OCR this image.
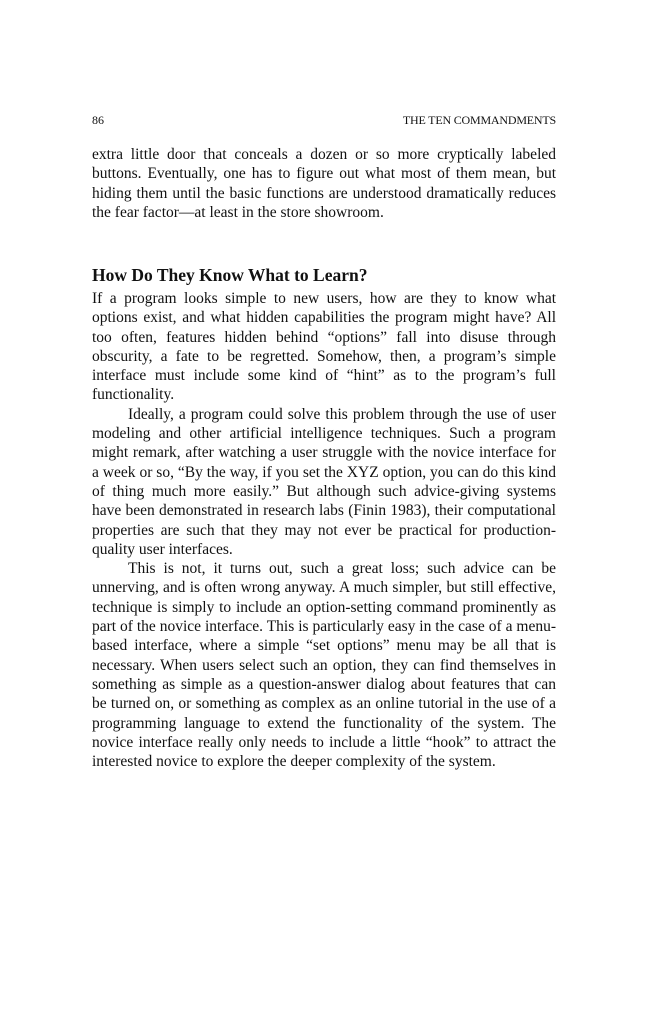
86	THE TEN COMMANDMENTS

extra little door that conceals a dozen or so more cryptically labeled buttons. Eventually, one has to figure out what most of them mean, but hiding them until the basic functions are understood dramatically reduces the fear factor—at least in the store showroom.

How Do They Know What to Learn?

If a program looks simple to new users, how are they to know what options exist, and what hidden capabilities the program might have? All too often, features hidden behind “options” fall into disuse through obscurity, a fate to be regretted. Somehow, then, a program’s simple interface must include some kind of “hint” as to the program’s full functionality.

Ideally, a program could solve this problem through the use of user modeling and other artificial intelligence techniques. Such a program might remark, after watching a user struggle with the novice interface for a week or so, “By the way, if you set the XYZ option, you can do this kind of thing much more easily.” But although such advice-giving systems have been demonstrated in research labs (Finin 1983), their computational properties are such that they may not ever be practical for production-quality user interfaces.

This is not, it turns out, such a great loss; such advice can be unnerving, and is often wrong anyway. A much simpler, but still effective, technique is simply to include an option-setting command prominently as part of the novice interface. This is particularly easy in the case of a menu-based interface, where a simple “set options” menu may be all that is necessary. When users select such an option, they can find themselves in something as simple as a question-answer dialog about features that can be turned on, or something as complex as an online tutorial in the use of a programming language to extend the functionality of the system. The novice interface really only needs to include a little “hook” to attract the interested novice to explore the deeper complexity of the system.
